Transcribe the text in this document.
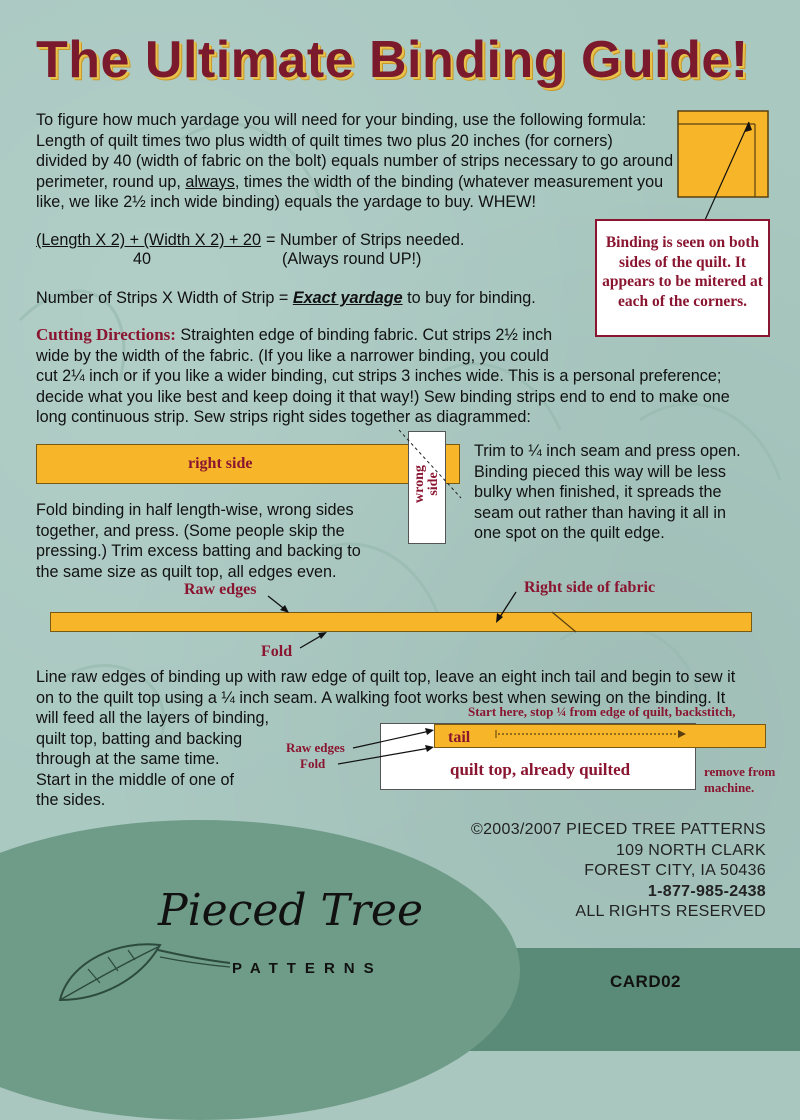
The Ultimate Binding Guide!
To figure how much yardage you will need for your binding, use the following formula:
Length of quilt times two plus width of quilt times two plus 20 inches (for corners)
divided by 40 (width of fabric on the bolt) equals number of strips necessary to go around
perimeter, round up, always, times the width of the binding (whatever measurement you
like, we like 2½ inch wide binding) equals the yardage to buy. WHEW!
(Length X 2) + (Width X 2) + 20
40
= Number of Strips needed.
(Always round UP!)
Number of Strips X Width of Strip = Exact yardage to buy for binding.
Binding is seen on both sides of the quilt. It appears to be mitered at each of the corners.
Cutting Directions: Straighten edge of binding fabric. Cut strips 2½ inch
wide by the width of the fabric. (If you like a narrower binding, you could
cut 2¼ inch or if you like a wider binding, cut strips 3 inches wide. This is a personal preference;
decide what you like best and keep doing it that way!) Sew binding strips end to end to make one
long continuous strip. Sew strips right sides together as diagrammed:
right side
wrong
side
Trim to ¼ inch seam and press open.
Binding pieced this way will be less
bulky when finished, it spreads the
seam out rather than having it all in
one spot on the quilt edge.
Fold binding in half length-wise, wrong sides
together, and press. (Some people skip the
pressing.) Trim excess batting and backing to
the same size as quilt top, all edges even.
Raw edges	Right side of fabric
Fold
Line raw edges of binding up with raw edge of quilt top, leave an eight inch tail and begin to sew it
on to the quilt top using a ¼ inch seam. A walking foot works best when sewing on the binding. It
will feed all the layers of binding,
quilt top, batting and backing
through at the same time.
Start in the middle of one of
the sides.
Start here, stop ¼ from edge of quilt, backstitch,
tail
Raw edges
Fold	quilt top, already quilted	remove from
machine.
©2003/2007 PIECED TREE PATTERNS
109 NORTH CLARK
FOREST CITY, IA 50436
1-877-985-2438
ALL RIGHTS RESERVED
CARD02
Pieced Tree
PATTERNS
